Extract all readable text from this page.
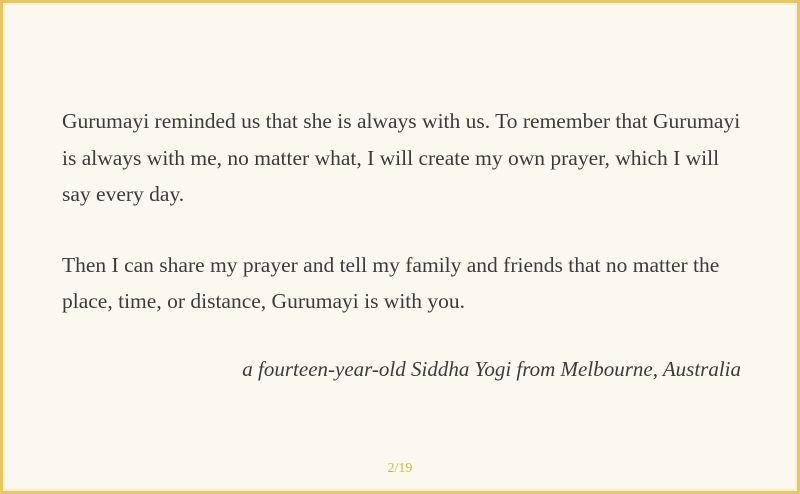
Gurumayi reminded us that she is always with us. To remember that Gurumayi is always with me, no matter what, I will create my own prayer, which I will say every day.

Then I can share my prayer and tell my family and friends that no matter the place, time, or distance, Gurumayi is with you.

a fourteen-year-old Siddha Yogi from Melbourne, Australia
2/19
